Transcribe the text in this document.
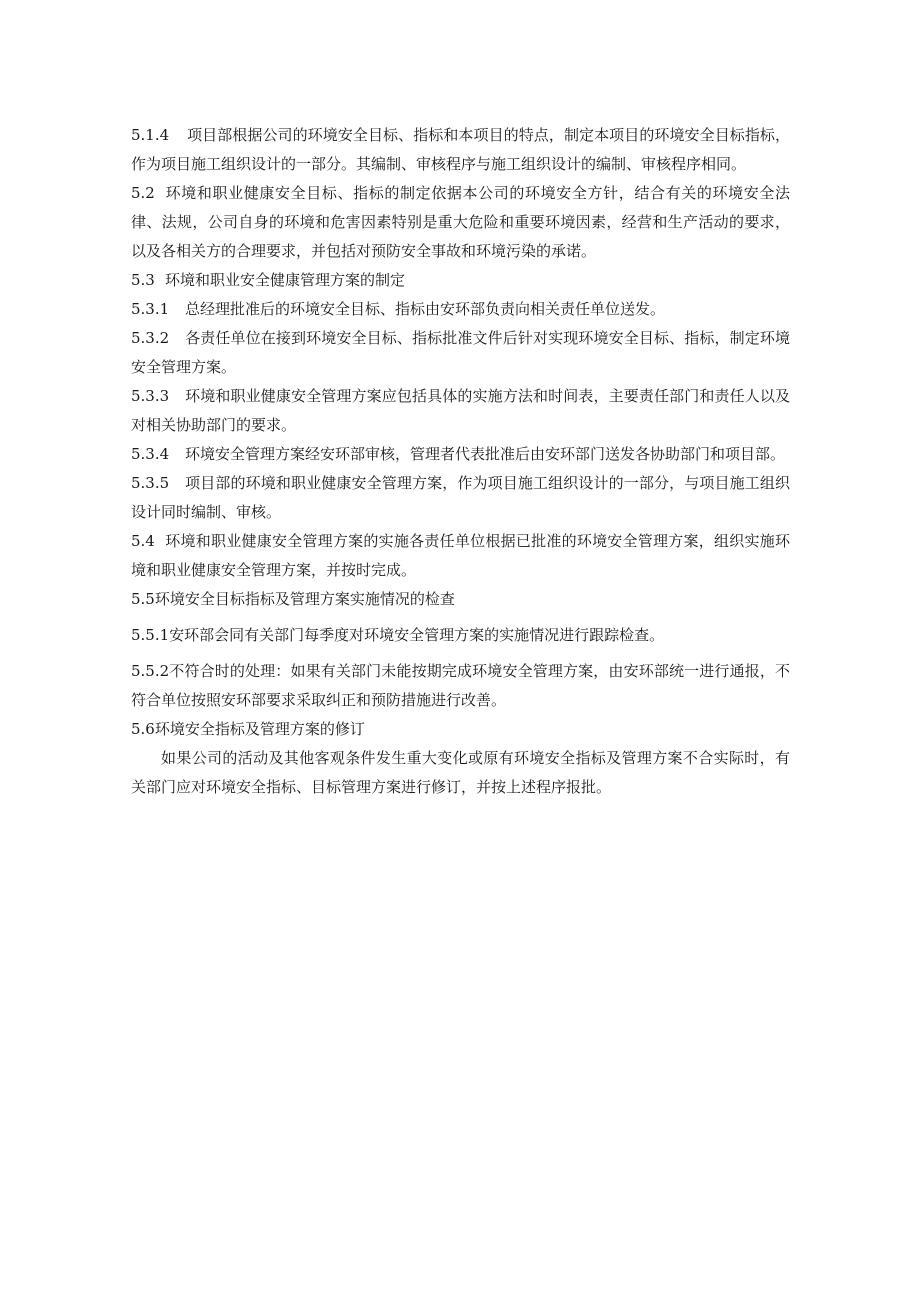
5.1.4 项目部根据公司的环境安全目标、指标和本项目的特点，制定本项目的环境安全目标指标，作为项目施工组织设计的一部分。其编制、审核程序与施工组织设计的编制、审核程序相同。

5.2 环境和职业健康安全目标、指标的制定依据本公司的环境安全方针，结合有关的环境安全法律、法规，公司自身的环境和危害因素特别是重大危险和重要环境因素，经营和生产活动的要求，以及各相关方的合理要求，并包括对预防安全事故和环境污染的承诺。

5.3 环境和职业安全健康管理方案的制定

5.3.1 总经理批准后的环境安全目标、指标由安环部负责向相关责任单位送发。

5.3.2 各责任单位在接到环境安全目标、指标批准文件后针对实现环境安全目标、指标，制定环境安全管理方案。

5.3.3 环境和职业健康安全管理方案应包括具体的实施方法和时间表，主要责任部门和责任人以及对相关协助部门的要求。

5.3.4 环境安全管理方案经安环部审核，管理者代表批准后由安环部门送发各协助部门和项目部。

5.3.5 项目部的环境和职业健康安全管理方案，作为项目施工组织设计的一部分，与项目施工组织设计同时编制、审核。

5.4 环境和职业健康安全管理方案的实施各责任单位根据已批准的环境安全管理方案，组织实施环境和职业健康安全管理方案，并按时完成。

5.5环境安全目标指标及管理方案实施情况的检查

5.5.1安环部会同有关部门每季度对环境安全管理方案的实施情况进行跟踪检查。

5.5.2不符合时的处理：如果有关部门未能按期完成环境安全管理方案，由安环部统一进行通报，不符合单位按照安环部要求采取纠正和预防措施进行改善。

5.6环境安全指标及管理方案的修订

如果公司的活动及其他客观条件发生重大变化或原有环境安全指标及管理方案不合实际时，有关部门应对环境安全指标、目标管理方案进行修订，并按上述程序报批。
